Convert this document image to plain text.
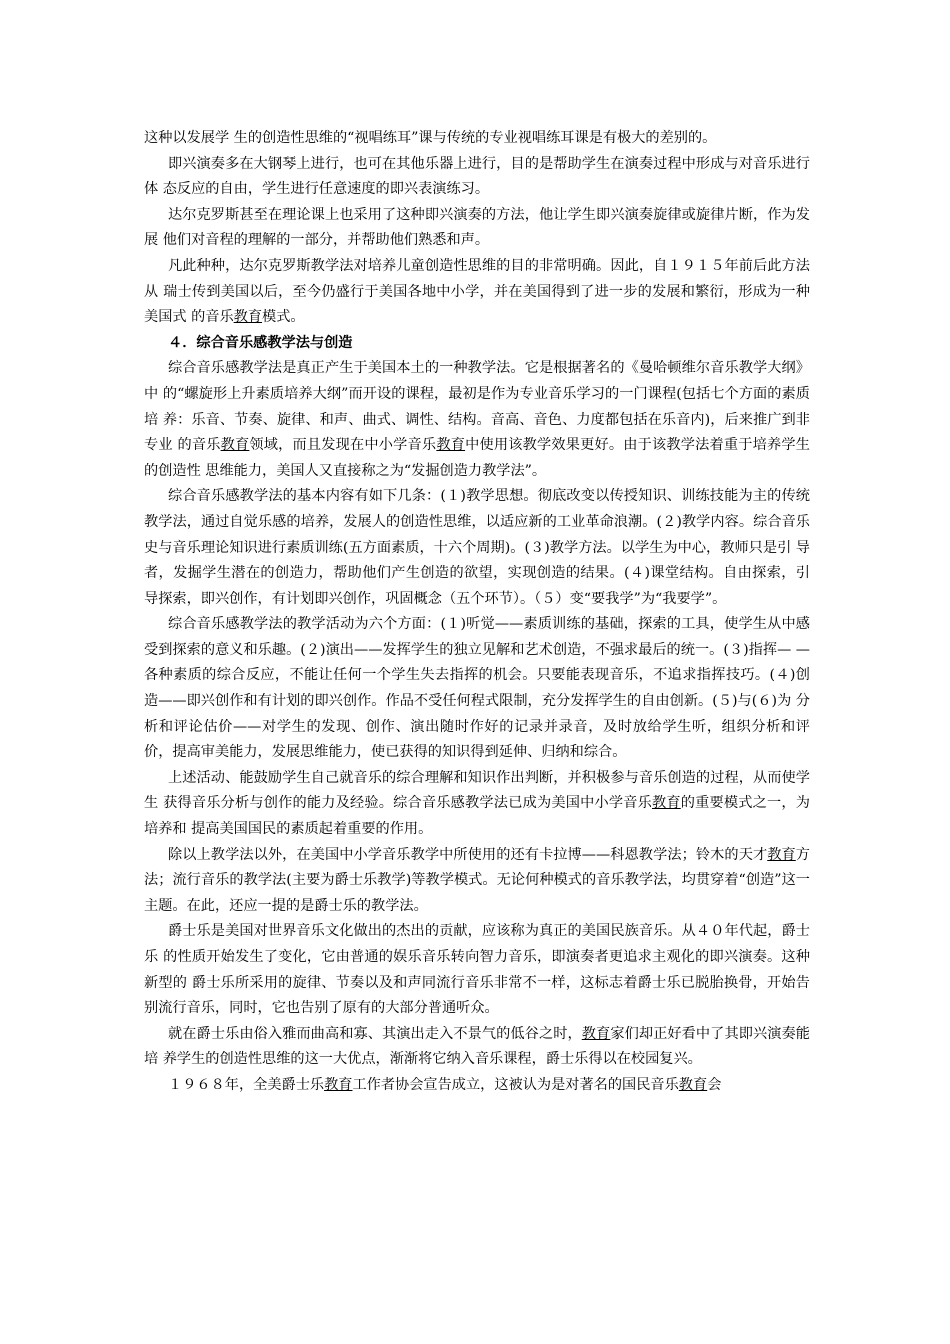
这种以发展学 生的创造性思维的“视唱练耳”课与传统的专业视唱练耳课是有极大的差别的。

即兴演奏多在大钢琴上进行，也可在其他乐器上进行，目的是帮助学生在演奏过程中形成与对音乐进行体 态反应的自由，学生进行任意速度的即兴表演练习。

达尔克罗斯甚至在理论课上也采用了这种即兴演奏的方法，他让学生即兴演奏旋律或旋律片断，作为发展 他们对音程的理解的一部分，并帮助他们熟悉和声。

凡此种种，达尔克罗斯教学法对培养儿童创造性思维的目的非常明确。因此，自１９１５年前后此方法从 瑞士传到美国以后，至今仍盛行于美国各地中小学，并在美国得到了进一步的发展和繁衍，形成为一种美国式 的音乐教育模式。

４．综合音乐感教学法与创造

综合音乐感教学法是真正产生于美国本土的一种教学法。它是根据著名的《曼哈顿维尔音乐教学大纲》中 的“螺旋形上升素质培养大纲”而开设的课程，最初是作为专业音乐学习的一门课程(包括七个方面的素质培 养：乐音、节奏、旋律、和声、曲式、调性、结构。音高、音色、力度都包括在乐音内)，后来推广到非专业 的音乐教育领域，而且发现在中小学音乐教育中使用该教学效果更好。由于该教学法着重于培养学生的创造性 思维能力，美国人又直接称之为“发掘创造力教学法”。

综合音乐感教学法的基本内容有如下几条：(１)教学思想。彻底改变以传授知识、训练技能为主的传统 教学法，通过自觉乐感的培养，发展人的创造性思维，以适应新的工业革命浪潮。(２)教学内容。综合音乐 史与音乐理论知识进行素质训练(五方面素质，十六个周期)。(３)教学方法。以学生为中心，教师只是引 导者，发掘学生潜在的创造力，帮助他们产生创造的欲望，实现创造的结果。(４)课堂结构。自由探索，引 导探索，即兴创作，有计划即兴创作，巩固概念（五个环节）。（５）变“要我学”为“我要学”。

综合音乐感教学法的教学活动为六个方面：(１)听觉——素质训练的基础，探索的工具，使学生从中感 受到探索的意义和乐趣。(２)演出——发挥学生的独立见解和艺术创造，不强求最后的统一。(３)指挥— —各种素质的综合反应，不能让任何一个学生失去指挥的机会。只要能表现音乐，不追求指挥技巧。(４)创 造——即兴创作和有计划的即兴创作。作品不受任何程式限制，充分发挥学生的自由创新。(５)与(６)为 分析和评论估价——对学生的发现、创作、演出随时作好的记录并录音，及时放给学生听，组织分析和评价，提高审美能力，发展思维能力，使已获得的知识得到延伸、归纳和综合。

上述活动、能鼓励学生自己就音乐的综合理解和知识作出判断，并积极参与音乐创造的过程，从而使学生 获得音乐分析与创作的能力及经验。综合音乐感教学法已成为美国中小学音乐教育的重要模式之一，为培养和 提高美国国民的素质起着重要的作用。

除以上教学法以外，在美国中小学音乐教学中所使用的还有卡拉博——科恩教学法；铃木的天才教育方法；流行音乐的教学法(主要为爵士乐教学)等教学模式。无论何种模式的音乐教学法，均贯穿着“创造”这一 主题。在此，还应一提的是爵士乐的教学法。

爵士乐是美国对世界音乐文化做出的杰出的贡献，应该称为真正的美国民族音乐。从４０年代起，爵士乐 的性质开始发生了变化，它由普通的娱乐音乐转向智力音乐，即演奏者更追求主观化的即兴演奏。这种新型的 爵士乐所采用的旋律、节奏以及和声同流行音乐非常不一样，这标志着爵士乐已脱胎换骨，开始告别流行音乐，同时，它也告别了原有的大部分普通听众。

就在爵士乐由俗入雅而曲高和寡、其演出走入不景气的低谷之时，教育家们却正好看中了其即兴演奏能培 养学生的创造性思维的这一大优点，渐渐将它纳入音乐课程，爵士乐得以在校园复兴。

１９６８年，全美爵士乐教育工作者协会宣告成立，这被认为是对著名的国民音乐教育会
